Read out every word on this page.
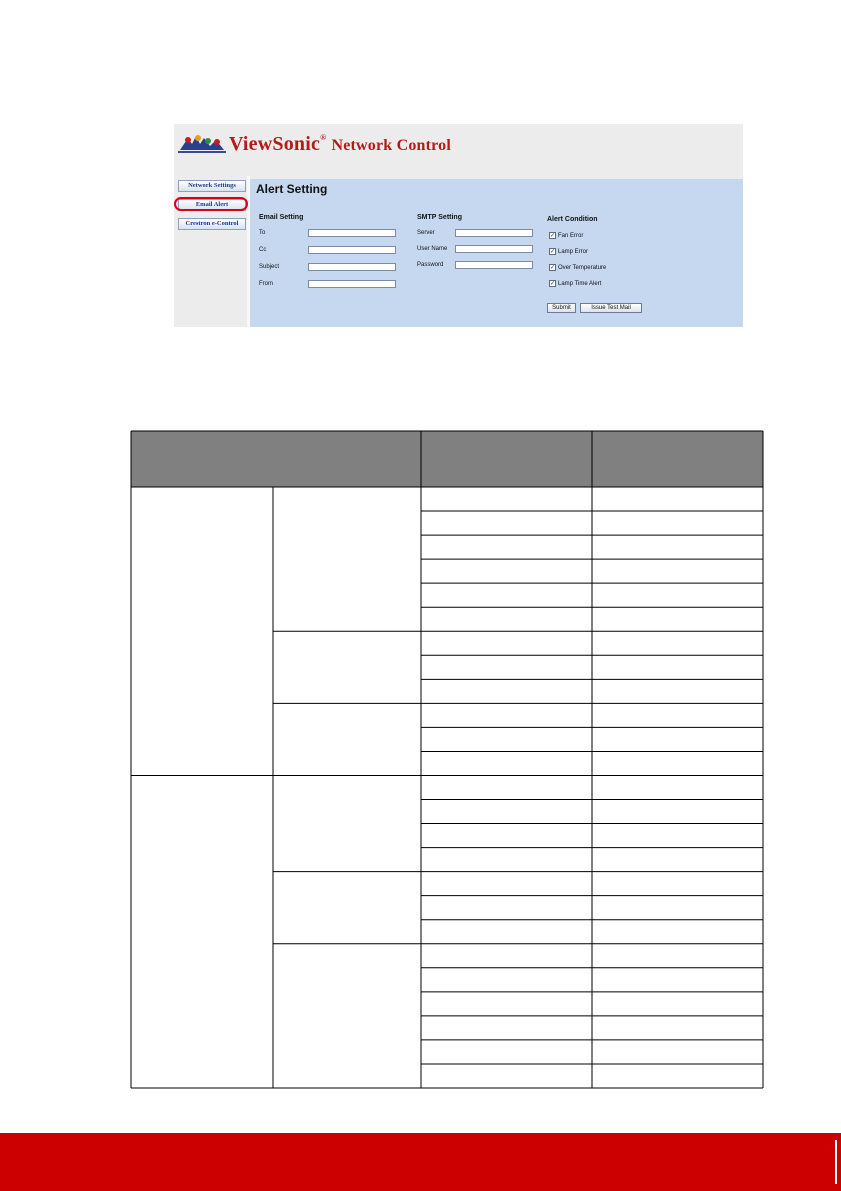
ViewSonic® Network Control
Network Settings
Email Alert
Crestron e-Control
Alert Setting
Email Setting
To
Cc
Subject
From
SMTP Setting
Server
User Name
Password
Alert Condition
✓ Fan Error
✓ Lamp Error
✓ Over Temperature
✓ Lamp Time Alert
Submit	Issue Test Mail
